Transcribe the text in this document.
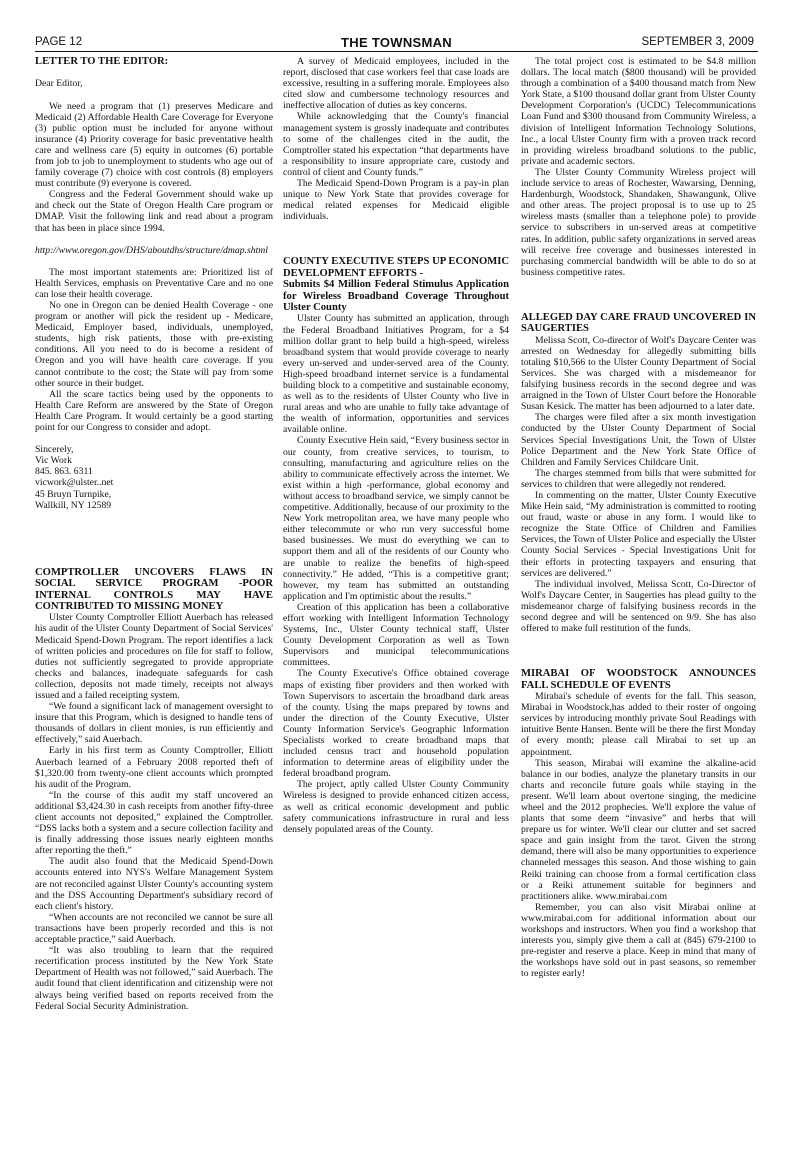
PAGE 12	THE TOWNSMAN	SEPTEMBER 3, 2009
LETTER TO THE EDITOR:

Dear Editor,

We need a program that (1) preserves Medicare and Medicaid (2) Affordable Health Care Coverage for Everyone (3) public option must be included for anyone without insurance (4) Priority coverage for basic preventative health care and wellness care (5) equity in outcomes (6) portable from job to job to unemployment to students who age out of family coverage (7) choice with cost controls (8) employers must contribute (9) everyone is covered.

Congress and the Federal Government should wake up and check out the State of Oregon Health Care program or DMAP. Visit the following link and read about a program that has been in place since 1994.

http://www.oregon.gov/DHS/aboutdhs/structure/dmap.shtml

The most important statements are: Prioritized list of Health Services, emphasis on Preventative Care and no one can lose their health coverage.

No one in Oregon can be denied Health Coverage - one program or another will pick the resident up - Medicare, Medicaid, Employer based, individuals, unemployed, students, high risk patients, those with pre-existing conditions. All you need to do is become a resident of Oregon and you will have health care coverage. If you cannot contribute to the cost; the State will pay from some other source in their budget.

All the scare tactics being used by the opponents to Health Care Reform are answered by the State of Oregon Health Care Program. It would certainly be a good starting point for our Congress to consider and adopt.

Sincerely,

Vic Work

845. 863. 6311

vicwork@ulster..net

45 Bruyn Turnpike,

Wallkill, NY 12589

COMPTROLLER UNCOVERS FLAWS IN SOCIAL SERVICE PROGRAM -POOR INTERNAL CONTROLS MAY HAVE CONTRIBUTED TO MISSING MONEY

Ulster County Comptroller Elliott Auerbach has released his audit of the Ulster County Department of Social Services' Medicaid Spend-Down Program. The report identifies a lack of written policies and procedures on file for staff to follow, duties not sufficiently segregated to provide appropriate checks and balances, inadequate safeguards for cash collection, deposits not made timely, receipts not always issued and a failed receipting system.

“We found a significant lack of management oversight to insure that this Program, which is designed to handle tens of thousands of dollars in client monies, is run efficiently and effectively,” said Auerbach.

Early in his first term as County Comptroller, Elliott Auerbach learned of a February 2008 reported theft of $1,320.00 from twenty-one client accounts which prompted his audit of the Program.

“In the course of this audit my staff uncovered an additional $3,424.30 in cash receipts from another fifty-three client accounts not deposited,” explained the Comptroller. “DSS lacks both a system and a secure collection facility and is finally addressing those issues nearly eighteen months after reporting the theft.”

The audit also found that the Medicaid Spend-Down accounts entered into NYS's Welfare Management System are not reconciled against Ulster County's accounting system and the DSS Accounting Department's subsidiary record of each client's history.

“When accounts are not reconciled we cannot be sure all transactions have been properly recorded and this is not acceptable practice,” said Auerbach.

“It was also troubling to learn that the required recertification process instituted by the New York State Department of Health was not followed,” said Auerbach. The audit found that client identification and citizenship were not always being verified based on reports received from the Federal Social Security Administration.

A survey of Medicaid employees, included in the report, disclosed that case workers feel that case loads are excessive, resulting in a suffering morale. Employees also cited slow and cumbersome technology resources and ineffective allocation of duties as key concerns.

While acknowledging that the County's financial management system is grossly inadequate and contributes to some of the challenges cited in the audit, the Comptroller stated his expectation “that departments have a responsibility to insure appropriate care, custody and control of client and County funds.”

The Medicaid Spend-Down Program is a pay-in plan unique to New York State that provides coverage for medical related expenses for Medicaid eligible individuals.

COUNTY EXECUTIVE STEPS UP ECONOMIC DEVELOPMENT EFFORTS -
Submits $4 Million Federal Stimulus Application for Wireless Broadband Coverage Throughout Ulster County

Ulster County has submitted an application, through the Federal Broadband Initiatives Program, for a $4 million dollar grant to help build a high-speed, wireless broadband system that would provide coverage to nearly every un-served and under-served area of the County. High-speed broadband internet service is a fundamental building block to a competitive and sustainable economy, as well as to the residents of Ulster County who live in rural areas and who are unable to fully take advantage of the wealth of information, opportunities and services available online.

County Executive Hein said, “Every business sector in our county, from creative services, to tourism, to consulting, manufacturing and agriculture relies on the ability to communicate effectively across the internet. We exist within a high -performance, global economy and without access to broadband service, we simply cannot be competitive. Additionally, because of our proximity to the New York metropolitan area, we have many people who either telecommute or who run very successful home based businesses. We must do everything we can to support them and all of the residents of our County who are unable to realize the benefits of high-speed connectivity.” He added, “This is a competitive grant; however, my team has submitted an outstanding application and I'm optimistic about the results.”

Creation of this application has been a collaborative effort working with Intelligent Information Technology Systems, Inc., Ulster County technical staff, Ulster County Development Corporation as well as Town Supervisors and municipal telecommunications committees.

The County Executive's Office obtained coverage maps of existing fiber providers and then worked with Town Supervisors to ascertain the broadband dark areas of the county. Using the maps prepared by towns and under the direction of the County Executive, Ulster County Information Service's Geographic Information Specialists worked to create broadband maps that included census tract and household population information to determine areas of eligibility under the federal broadband program.

The project, aptly called Ulster County Community Wireless is designed to provide enhanced citizen access, as well as critical economic development and public safety communications infrastructure in rural and less densely populated areas of the County.

The total project cost is estimated to be $4.8 million dollars. The local match ($800 thousand) will be provided through a combination of a $400 thousand match from New York State, a $100 thousand dollar grant from Ulster County Development Corporation's (UCDC) Telecommunications Loan Fund and $300 thousand from Community Wireless, a division of Intelligent Information Technology Solutions, Inc., a local Ulster County firm with a proven track record in providing wireless broadband solutions to the public, private and academic sectors.

The Ulster County Community Wireless project will include service to areas of Rochester, Wawarsing, Denning, Hardenburgh, Woodstock, Shandaken, Shawangunk, Olive and other areas. The project proposal is to use up to 25 wireless masts (smaller than a telephone pole) to provide service to subscribers in un-served areas at competitive rates. In addition, public safety organizations in served areas will receive free coverage and businesses interested in purchasing commercial bandwidth will be able to do so at business competitive rates.

ALLEGED DAY CARE FRAUD UNCOVERED IN SAUGERTIES

Melissa Scott, Co-director of Wolf's Daycare Center was arrested on Wednesday for allegedly submitting bills totaling $10,566 to the Ulster County Department of Social Services. She was charged with a misdemeanor for falsifying business records in the second degree and was arraigned in the Town of Ulster Court before the Honorable Susan Kesick. The matter has been adjourned to a later date.

The charges were filed after a six month investigation conducted by the Ulster County Department of Social Services Special Investigations Unit, the Town of Ulster Police Department and the New York State Office of Children and Family Services Childcare Unit.

The charges stemmed from bills that were submitted for services to children that were allegedly not rendered.

In commenting on the matter, Ulster County Executive Mike Hein said, “My administration is committed to rooting out fraud, waste or abuse in any form. I would like to recognize the State Office of Children and Families Services, the Town of Ulster Police and especially the Ulster County Social Services - Special Investigations Unit for their efforts in protecting taxpayers and ensuring that services are delivered.”

The individual involved, Melissa Scott, Co-Director of Wolf's Daycare Center, in Saugerties has plead guilty to the misdemeanor charge of falsifying business records in the second degree and will be sentenced on 9/9. She has also offered to make full restitution of the funds.

MIRABAI OF WOODSTOCK ANNOUNCES FALL SCHEDULE OF EVENTS

Mirabai's schedule of events for the fall. This season, Mirabai in Woodstock,has added to their roster of ongoing services by introducing monthly private Soul Readings with intuitive Bente Hansen. Bente will be there the first Monday of every month; please call Mirabai to set up an appointment.

This season, Mirabai will examine the alkaline-acid balance in our bodies, analyze the planetary transits in our charts and reconcile future goals while staying in the present. We'll learn about overtone singing, the medicine wheel and the 2012 prophecies. We'll explore the value of plants that some deem “invasive” and herbs that will prepare us for winter. We'll clear our clutter and set sacred space and gain insight from the tarot. Given the strong demand, there will also be many opportunities to experience channeled messages this season. And those wishing to gain Reiki training can choose from a formal certification class or a Reiki attunement suitable for beginners and practitioners alike. www.mirabai.com

Remember, you can also visit Mirabai online at www.mirabai.com for additional information about our workshops and instructors. When you find a workshop that interests you, simply give them a call at (845) 679-2100 to pre-register and reserve a place. Keep in mind that many of the workshops have sold out in past seasons, so remember to register early!
